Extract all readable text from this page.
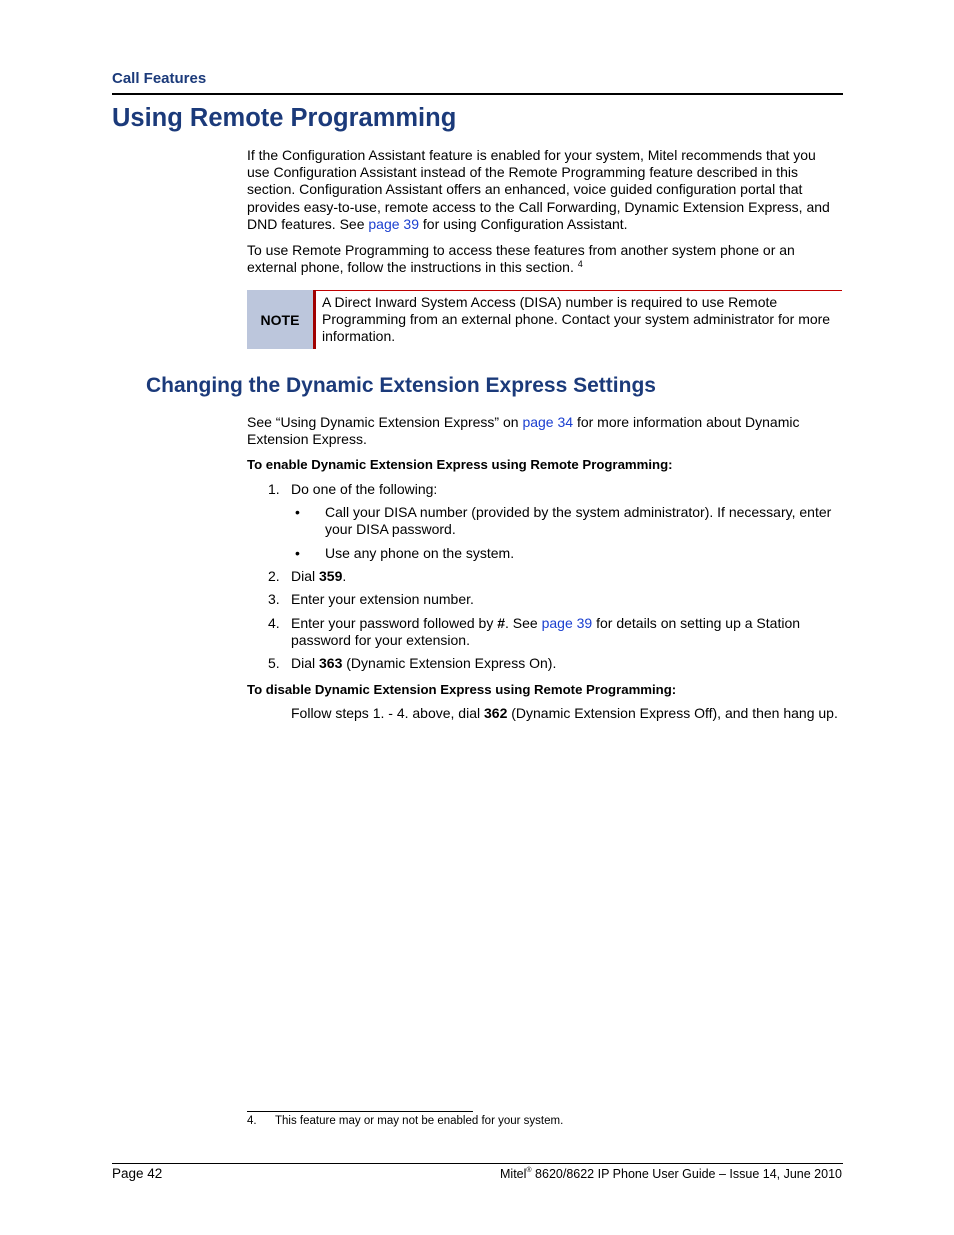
Call Features
Using Remote Programming
If the Configuration Assistant feature is enabled for your system, Mitel recommends that you use Configuration Assistant instead of the Remote Programming feature described in this section. Configuration Assistant offers an enhanced, voice guided configuration portal that provides easy-to-use, remote access to the Call Forwarding, Dynamic Extension Express, and DND features. See page 39 for using Configuration Assistant.
To use Remote Programming to access these features from another system phone or an external phone, follow the instructions in this section. $^4$
NOTE
A Direct Inward System Access (DISA) number is required to use Remote Programming from an external phone. Contact your system administrator for more information.
Changing the Dynamic Extension Express Settings
See “Using Dynamic Extension Express” on page 34 for more information about Dynamic Extension Express.
To enable Dynamic Extension Express using Remote Programming:
1. Do one of the following:
• Call your DISA number (provided by the system administrator). If necessary, enter your DISA password.
• Use any phone on the system.
2. Dial 359.
3. Enter your extension number.
4. Enter your password followed by #. See page 39 for details on setting up a Station password for your extension.
5. Dial 363 (Dynamic Extension Express On).
To disable Dynamic Extension Express using Remote Programming:
Follow steps 1. - 4. above, dial 362 (Dynamic Extension Express Off), and then hang up.
4. This feature may or may not be enabled for your system.
Page 42	Mitel® 8620/8622 IP Phone User Guide – Issue 14, June 2010
